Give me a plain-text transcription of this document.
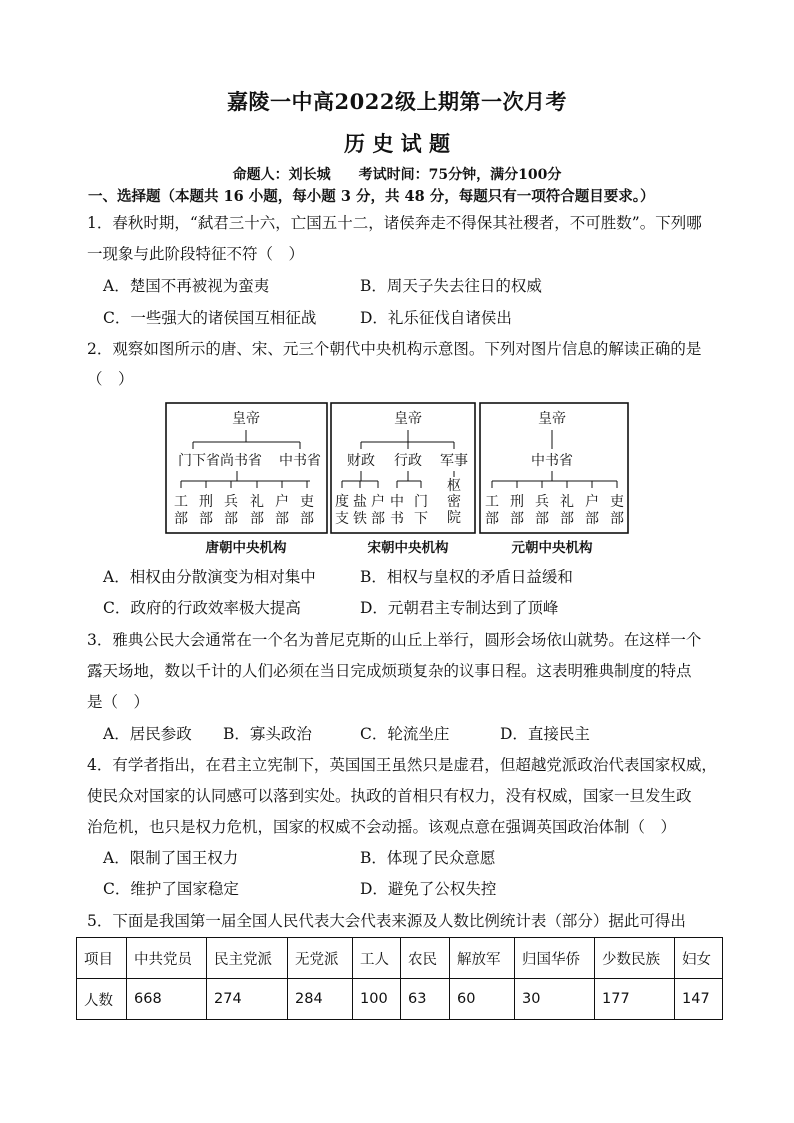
嘉陵一中高2022级上期第一次月考
历 史 试 题
命题人：刘长城 考试时间：75分钟，满分100分
一、选择题（本题共 16 小题，每小题 3 分，共 48 分，每题只有一项符合题目要求。）
1．春秋时期，“弑君三十六，亡国五十二，诸侯奔走不得保其社稷者，不可胜数”。下列哪
一现象与此阶段特征不符（　）
A．楚国不再被视为蛮夷	B．周天子失去往日的权威
C．一些强大的诸侯国互相征战	D．礼乐征伐自诸侯出
2．观察如图所示的唐、宋、元三个朝代中央机构示意图。下列对图片信息的解读正确的是
（　）
皇帝
门下省尚书省 中书省
工
部
刑
部
兵
部
礼
部
户
部
吏
部
唐朝中央机构
皇帝
财政 行政 军事
度
支
盐
铁
户
部
中
书
门
下
枢
密
院
宋朝中央机构
皇帝
中书省
工
部
刑
部
兵
部
礼
部
户
部
吏
部
元朝中央机构
A．相权由分散演变为相对集中	B．相权与皇权的矛盾日益缓和
C．政府的行政效率极大提高	D．元朝君主专制达到了顶峰
3．雅典公民大会通常在一个名为普尼克斯的山丘上举行，圆形会场依山就势。在这样一个
露天场地，数以千计的人们必须在当日完成烦琐复杂的议事日程。这表明雅典制度的特点
是（　）
A．居民参政 B．寡头政治	C．轮流坐庄	D．直接民主
4．有学者指出，在君主立宪制下，英国国王虽然只是虚君，但超越党派政治代表国家权威，
使民众对国家的认同感可以落到实处。执政的首相只有权力，没有权威，国家一旦发生政
治危机，也只是权力危机，国家的权威不会动摇。该观点意在强调英国政治体制（　）
A．限制了国王权力	B．体现了民众意愿
C．维护了国家稳定	D．避免了公权失控
5．下面是我国第一届全国人民代表大会代表来源及人数比例统计表（部分）据此可得出
项目	中共党员	民主党派	无党派	工人	农民	解放军	归国华侨	少数民族	妇女
人数	668	274	284	100	63	60	30	177	147
